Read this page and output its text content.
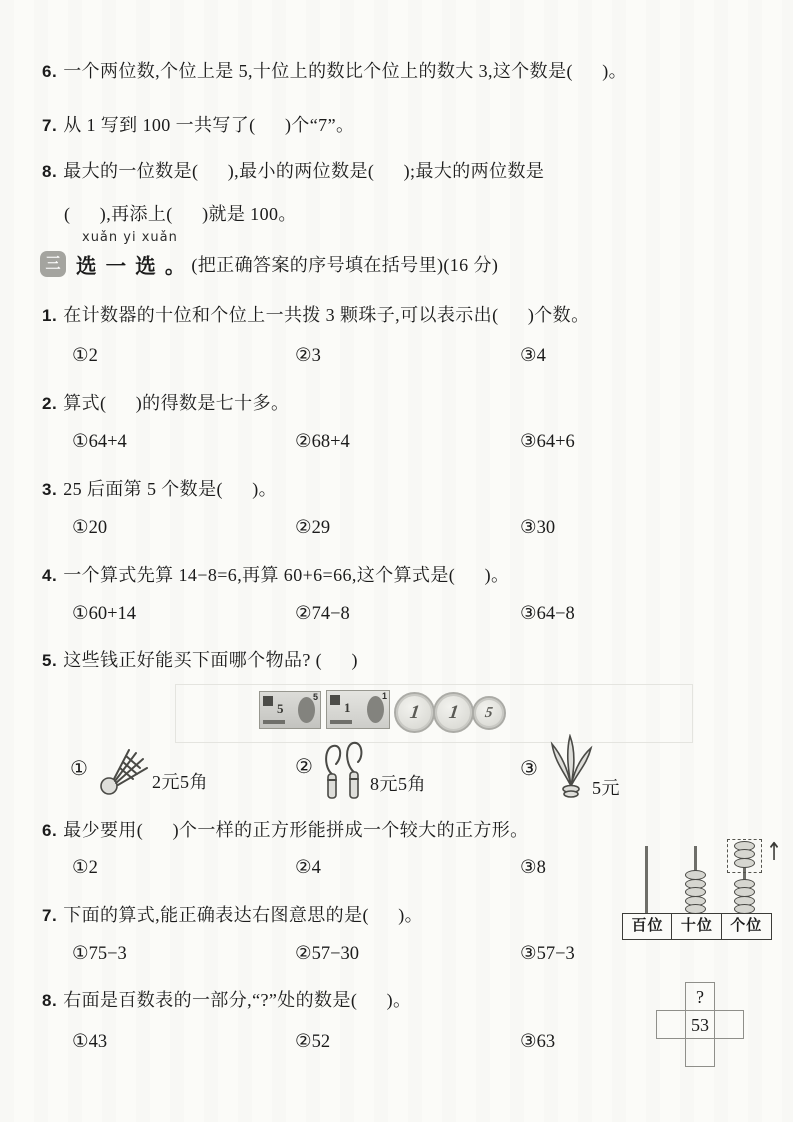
6. 一个两位数,个位上是 5,十位上的数比个位上的数大 3,这个数是(      )。
7. 从 1 写到 100 一共写了(      )个“7”。
8. 最大的一位数是(      ),最小的两位数是(      );最大的两位数是
(      ),再添上(      )就是 100。
xuǎn yi xuǎn
三 选 一 选 。 (把正确答案的序号填在括号里)(16 分)
1. 在计数器的十位和个位上一共拨 3 颗珠子,可以表示出(      )个数。
①2	②3	③4
2. 算式(      )的得数是七十多。
①64+4	②68+4	③64+6
3. 25 后面第 5 个数是(      )。
①20	②29	③30
4. 一个算式先算 14−8=6,再算 60+6=66,这个算式是(      )。
①60+14	②74−8	③64−8
5. 这些钱正好能买下面哪个物品? (      )
5
5
1
1
1 1 5
①
2元5角
②
8元5角
③
5元
6. 最少要用(      )个一样的正方形能拼成一个较大的正方形。
①2	②4	③8
7. 下面的算式,能正确表达右图意思的是(      )。
①75−3	②57−30	③57−3
↑
百位	十位	个位
8. 右面是百数表的一部分,“?”处的数是(      )。
①43	②52	③63
?
53
